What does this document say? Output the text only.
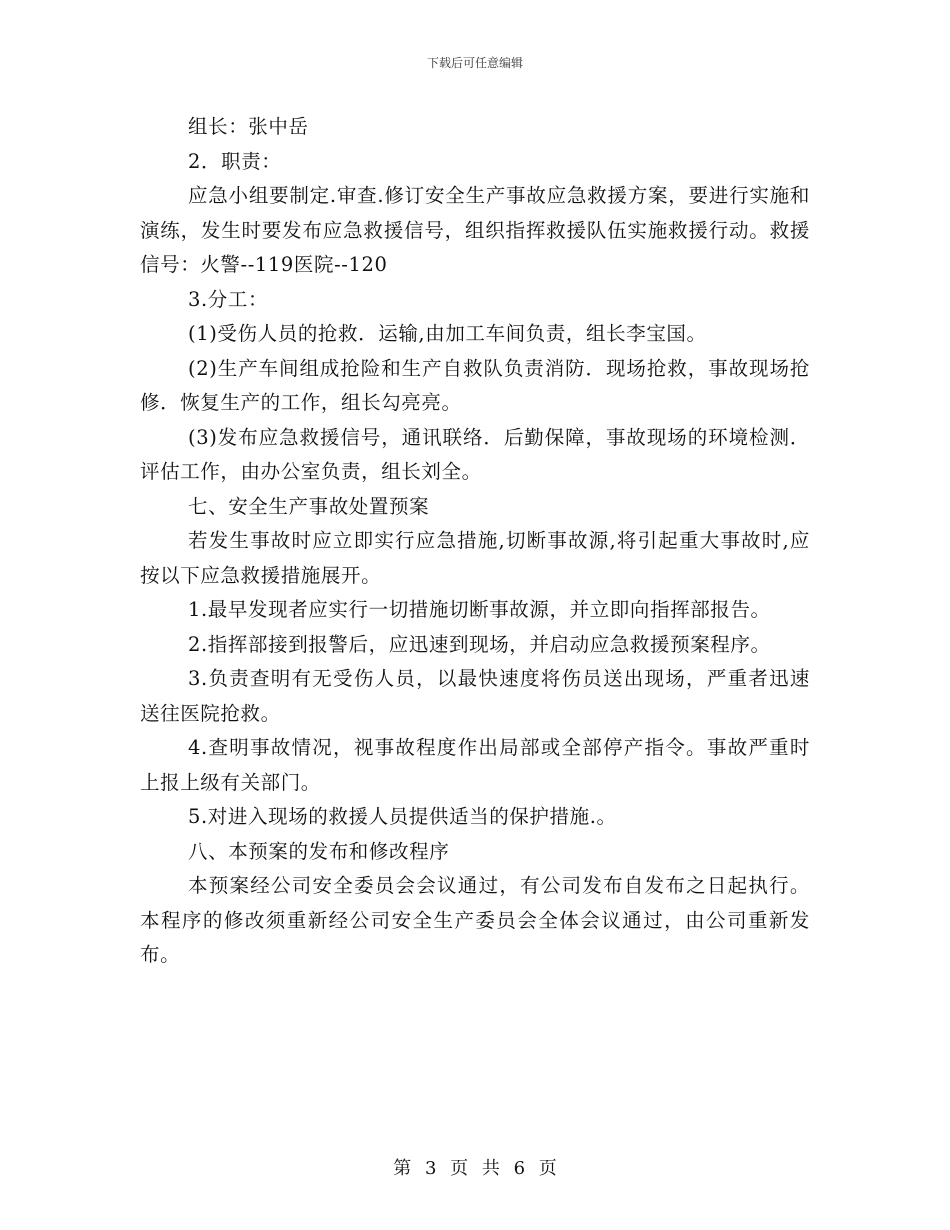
下载后可任意编辑

组长：张中岳

2．职责：

应急小组要制定.审查.修订安全生产事故应急救援方案，要进行实施和演练，发生时要发布应急救援信号，组织指挥救援队伍实施救援行动。救援信号：火警--119医院--120

3.分工：

(1)受伤人员的抢救．运输,由加工车间负责，组长李宝国。

(2)生产车间组成抢险和生产自救队负责消防．现场抢救，事故现场抢修．恢复生产的工作，组长勾亮亮。

(3)发布应急救援信号，通讯联络．后勤保障，事故现场的环境检测．评估工作，由办公室负责，组长刘全。

七、安全生产事故处置预案

若发生事故时应立即实行应急措施,切断事故源,将引起重大事故时,应按以下应急救援措施展开。

1.最早发现者应实行一切措施切断事故源，并立即向指挥部报告。

2.指挥部接到报警后，应迅速到现场，并启动应急救援预案程序。

3.负责查明有无受伤人员，以最快速度将伤员送出现场，严重者迅速送往医院抢救。

4.查明事故情况，视事故程度作出局部或全部停产指令。事故严重时上报上级有关部门。

5.对进入现场的救援人员提供适当的保护措施.。

八、本预案的发布和修改程序

本预案经公司安全委员会会议通过，有公司发布自发布之日起执行。本程序的修改须重新经公司安全生产委员会全体会议通过，由公司重新发布。

第 3 页 共 6 页
